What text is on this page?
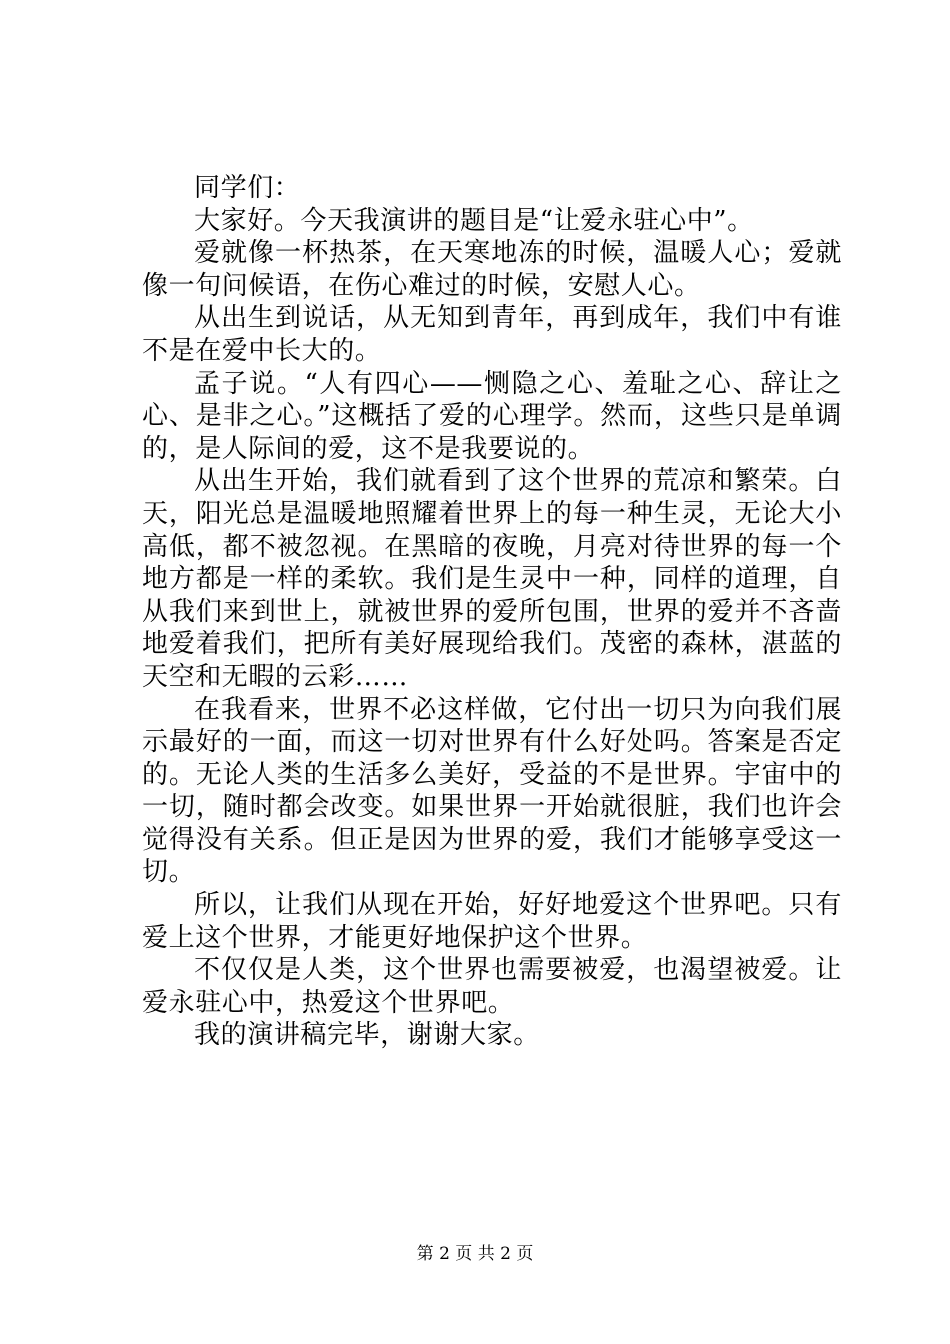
同学们：

大家好。今天我演讲的题目是“让爱永驻心中”。

爱就像一杯热茶，在天寒地冻的时候，温暖人心；爱就像一句问候语，在伤心难过的时候，安慰人心。

从出生到说话，从无知到青年，再到成年，我们中有谁不是在爱中长大的。

孟子说。“人有四心——恻隐之心、羞耻之心、辞让之心、是非之心。”这概括了爱的心理学。然而，这些只是单调的，是人际间的爱，这不是我要说的。

从出生开始，我们就看到了这个世界的荒凉和繁荣。白天，阳光总是温暖地照耀着世界上的每一种生灵，无论大小高低，都不被忽视。在黑暗的夜晚，月亮对待世界的每一个地方都是一样的柔软。我们是生灵中一种，同样的道理，自从我们来到世上，就被世界的爱所包围，世界的爱并不吝啬地爱着我们，把所有美好展现给我们。茂密的森林，湛蓝的天空和无暇的云彩……

在我看来，世界不必这样做，它付出一切只为向我们展示最好的一面，而这一切对世界有什么好处吗。答案是否定的。无论人类的生活多么美好，受益的不是世界。宇宙中的一切，随时都会改变。如果世界一开始就很脏，我们也许会觉得没有关系。但正是因为世界的爱，我们才能够享受这一切。

所以，让我们从现在开始，好好地爱这个世界吧。只有爱上这个世界，才能更好地保护这个世界。

不仅仅是人类，这个世界也需要被爱，也渴望被爱。让爱永驻心中，热爱这个世界吧。

我的演讲稿完毕，谢谢大家。

第 2 页 共 2 页
